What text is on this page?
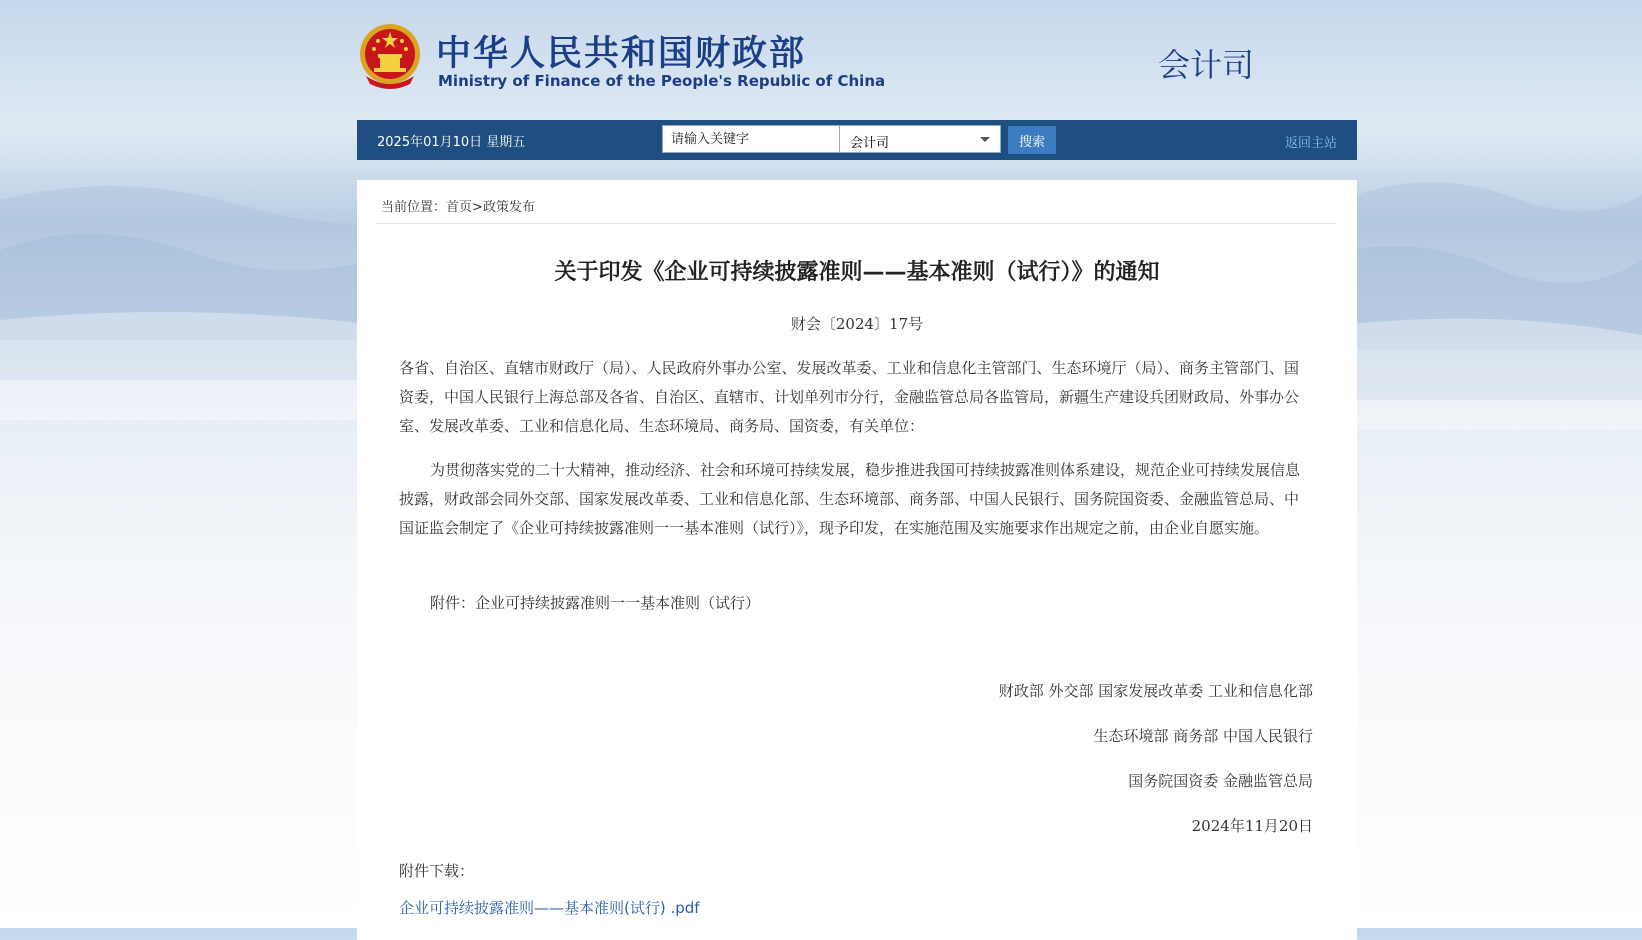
中华人民共和国财政部
Ministry of Finance of the People's Republic of China	会计司
2025年01月10日 星期五
请输入关键字	会计司	搜索	返回主站
当前位置：首页>政策发布
关于印发《企业可持续披露准则——基本准则（试行）》的通知
财会〔2024〕17号

各省、自治区、直辖市财政厅（局）、人民政府外事办公室、发展改革委、工业和信息化主管部门、生态环境厅（局）、商务主管部门、国资委，中国人民银行上海总部及各省、自治区、直辖市、计划单列市分行，金融监管总局各监管局，新疆生产建设兵团财政局、外事办公室、发展改革委、工业和信息化局、生态环境局、商务局、国资委，有关单位：

为贯彻落实党的二十大精神，推动经济、社会和环境可持续发展，稳步推进我国可持续披露准则体系建设，规范企业可持续发展信息披露，财政部会同外交部、国家发展改革委、工业和信息化部、生态环境部、商务部、中国人民银行、国务院国资委、金融监管总局、中国证监会制定了《企业可持续披露准则一一基本准则（试行）》，现予印发，在实施范围及实施要求作出规定之前，由企业自愿实施。

附件：企业可持续披露准则一一基本准则（试行）

财政部 外交部 国家发展改革委 工业和信息化部
生态环境部 商务部 中国人民银行
国务院国资委 金融监管总局
2024年11月20日
附件下载：
企业可持续披露准则——基本准则(试行) .pdf
